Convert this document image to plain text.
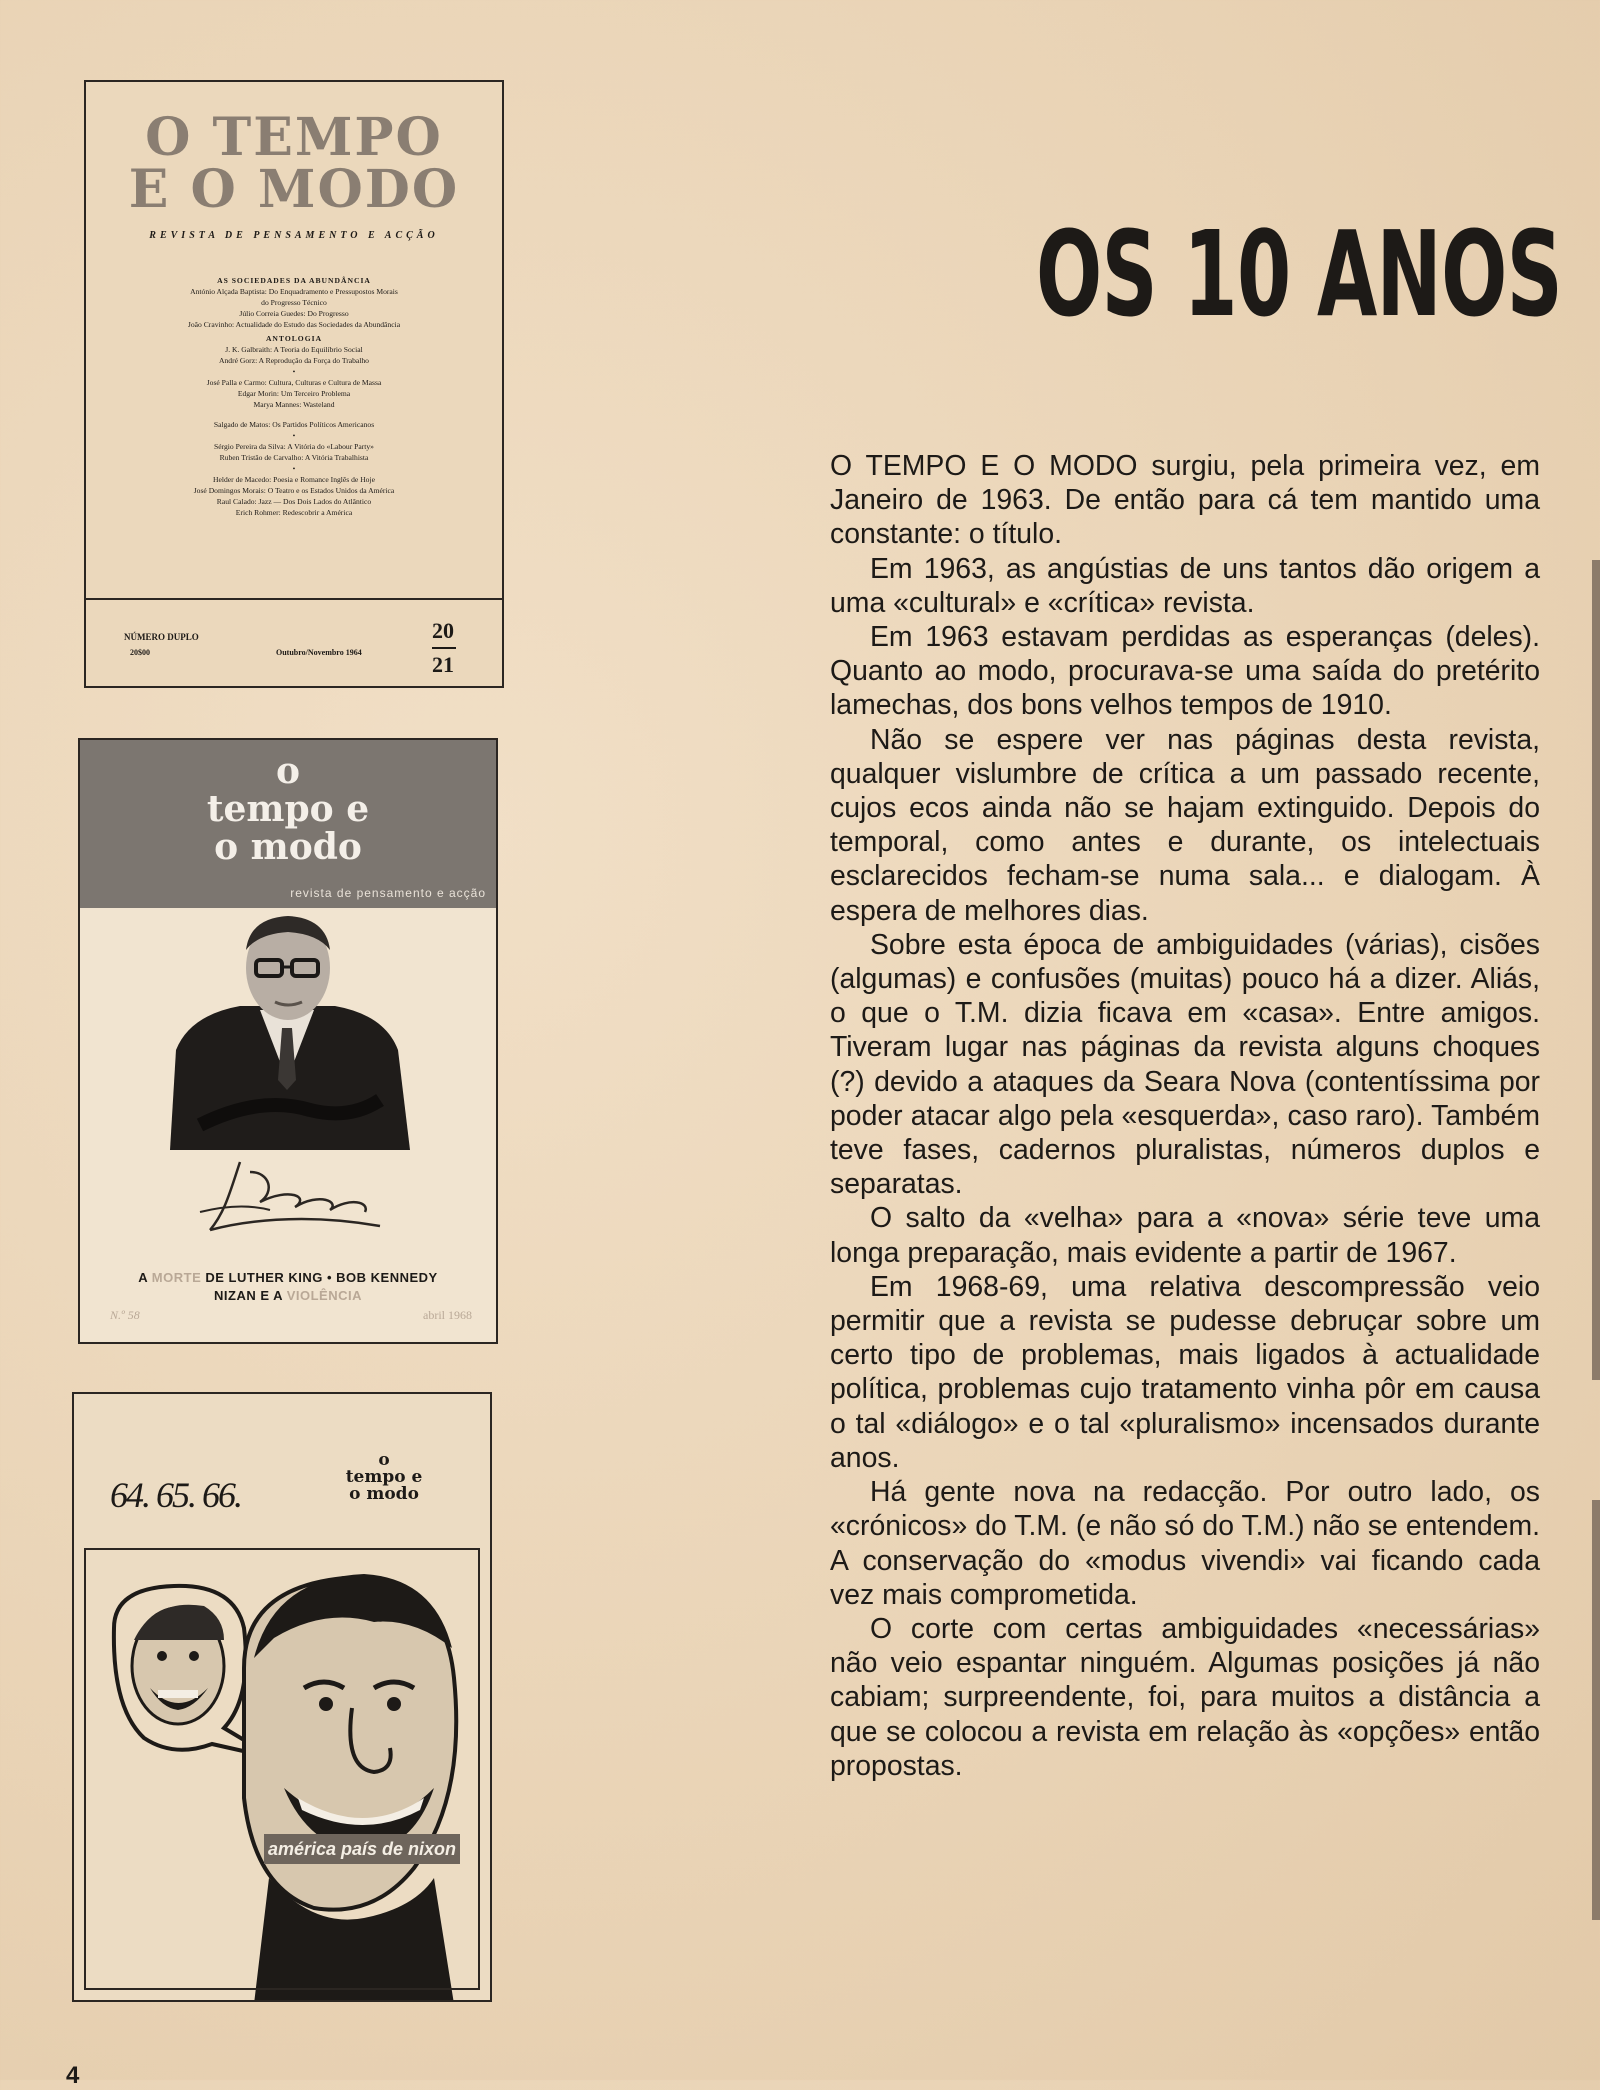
O TEMPO
E O MODO
REVISTA DE PENSAMENTO E ACÇÃO
AS SOCIEDADES DA ABUNDÂNCIA
António Alçada Baptista: Do Enquadramento e Pressupostos Morais
do Progresso Técnico
Júlio Correia Guedes: Do Progresso
João Cravinho: Actualidade do Estudo das Sociedades da Abundância
ANTOLOGIA
J. K. Galbraith: A Teoria do Equilíbrio Social
André Gorz: A Reprodução da Força do Trabalho
•
José Palla e Carmo: Cultura, Culturas e Cultura de Massa
Edgar Morin: Um Terceiro Problema
Marya Mannes: Wasteland
Salgado de Matos: Os Partidos Políticos Americanos
•
Sérgio Pereira da Silva: A Vitória do «Labour Party»
Ruben Tristão de Carvalho: A Vitória Trabalhista
•
Helder de Macedo: Poesia e Romance Inglês de Hoje
José Domingos Morais: O Teatro e os Estados Unidos da América
Raul Calado: Jazz — Dos Dois Lados do Atlântico
Erich Rohmer: Redescobrir a América
NÚMERO DUPLO
20$00	Outubro/Novembro 1964
20
21
o
tempo e
o modo
revista de pensamento e acção
A MORTE DE LUTHER KING • BOB KENNEDY
NIZAN E A VIOLÊNCIA
N.º 58	abril 1968
64. 65. 66.
o
tempo e
o modo
américa país de nixon
OS 10 ANOS

O TEMPO E O MODO surgiu, pela primeira vez, em Janeiro de 1963. De então para cá tem mantido uma constante: o título.

Em 1963, as angústias de uns tantos dão origem a uma «cultural» e «crítica» revista.

Em 1963 estavam perdidas as esperanças (deles). Quanto ao modo, procurava-se uma saída do pretérito lamechas, dos bons velhos tempos de 1910.

Não se espere ver nas páginas desta revista, qualquer vislumbre de crítica a um passado recente, cujos ecos ainda não se hajam extinguido. Depois do temporal, como antes e durante, os intelectuais esclarecidos fecham-se numa sala... e dialogam. À espera de melhores dias.

Sobre esta época de ambiguidades (várias), cisões (algumas) e confusões (muitas) pouco há a dizer. Aliás, o que o T.M. dizia ficava em «casa». Entre amigos. Tiveram lugar nas páginas da revista alguns choques (?) devido a ataques da Seara Nova (contentíssima por poder atacar algo pela «esquerda», caso raro). Também teve fases, cadernos pluralistas, números duplos e separatas.

O salto da «velha» para a «nova» série teve uma longa preparação, mais evidente a partir de 1967.

Em 1968-69, uma relativa descompressão veio permitir que a revista se pudesse debruçar sobre um certo tipo de problemas, mais ligados à actualidade política, problemas cujo tratamento vinha pôr em causa o tal «diálogo» e o tal «pluralismo» incensados durante anos.

Há gente nova na redacção. Por outro lado, os «crónicos» do T.M. (e não só do T.M.) não se entendem. A conservação do «modus vivendi» vai ficando cada vez mais comprometida.

O corte com certas ambiguidades «necessárias» não veio espantar ninguém. Algumas posições já não cabiam; surpreendente, foi, para muitos a distância a que se colocou a revista em relação às «opções» então propostas.

4
